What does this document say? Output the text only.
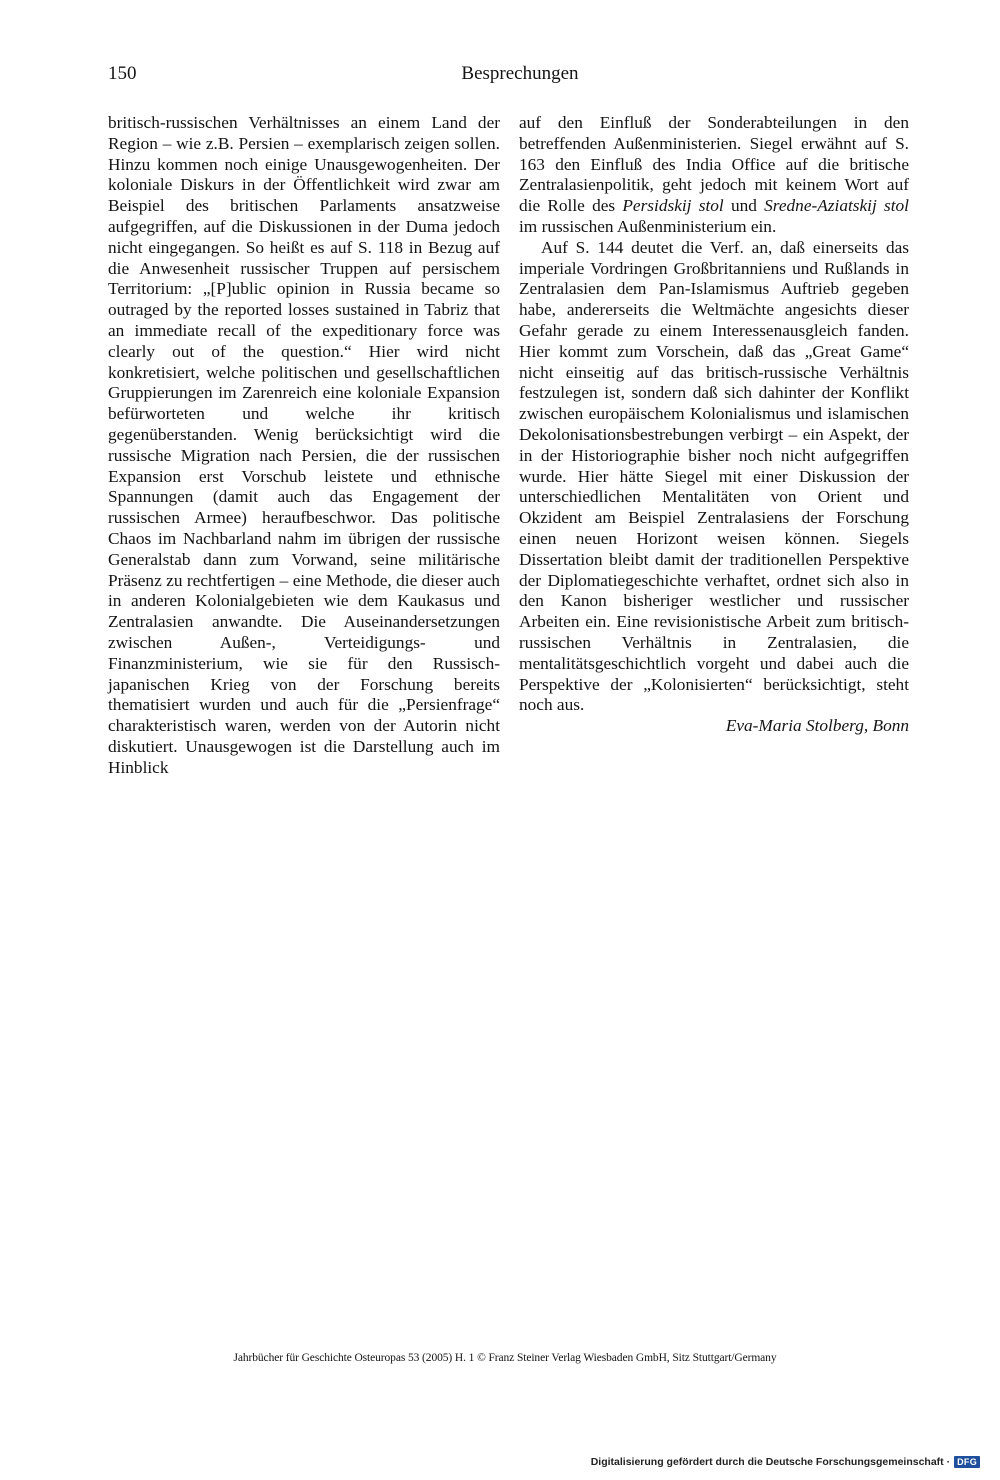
150	Besprechungen

britisch-russischen Verhältnisses an einem Land der Region – wie z.B. Persien – exemplarisch zeigen sollen. Hinzu kommen noch einige Unausgewogenheiten. Der koloniale Diskurs in der Öffentlichkeit wird zwar am Beispiel des britischen Parlaments ansatzweise aufgegriffen, auf die Diskussionen in der Duma jedoch nicht eingegangen. So heißt es auf S. 118 in Bezug auf die Anwesenheit russischer Truppen auf persischem Territorium: „[P]ublic opinion in Russia became so outraged by the reported losses sustained in Tabriz that an immediate recall of the expeditionary force was clearly out of the question.“ Hier wird nicht konkretisiert, welche politischen und gesellschaftlichen Gruppierungen im Zarenreich eine koloniale Expansion befürworteten und welche ihr kritisch gegenüberstanden. Wenig berücksichtigt wird die russische Migration nach Persien, die der russischen Expansion erst Vorschub leistete und ethnische Spannungen (damit auch das Engagement der russischen Armee) heraufbeschwor. Das politische Chaos im Nachbarland nahm im übrigen der russische Generalstab dann zum Vorwand, seine militärische Präsenz zu rechtfertigen – eine Methode, die dieser auch in anderen Kolonialgebieten wie dem Kaukasus und Zentralasien anwandte. Die Auseinandersetzungen zwischen Außen-, Verteidigungs- und Finanzministerium, wie sie für den Russisch-japanischen Krieg von der Forschung bereits thematisiert wurden und auch für die „Persienfrage“ charakteristisch waren, werden von der Autorin nicht diskutiert. Unausgewogen ist die Darstellung auch im Hinblick

auf den Einfluß der Sonderabteilungen in den betreffenden Außenministerien. Siegel erwähnt auf S. 163 den Einfluß des India Office auf die britische Zentralasienpolitik, geht jedoch mit keinem Wort auf die Rolle des Persidskij stol und Sredne-Aziatskij stol im russischen Außenministerium ein.

Auf S. 144 deutet die Verf. an, daß einerseits das imperiale Vordringen Großbritanniens und Rußlands in Zentralasien dem Pan-Islamismus Auftrieb gegeben habe, andererseits die Weltmächte angesichts dieser Gefahr gerade zu einem Interessenausgleich fanden. Hier kommt zum Vorschein, daß das „Great Game“ nicht einseitig auf das britisch-russische Verhältnis festzulegen ist, sondern daß sich dahinter der Konflikt zwischen europäischem Kolonialismus und islamischen Dekolonisationsbestrebungen verbirgt – ein Aspekt, der in der Historiographie bisher noch nicht aufgegriffen wurde. Hier hätte Siegel mit einer Diskussion der unterschiedlichen Mentalitäten von Orient und Okzident am Beispiel Zentralasiens der Forschung einen neuen Horizont weisen können. Siegels Dissertation bleibt damit der traditionellen Perspektive der Diplomatiegeschichte verhaftet, ordnet sich also in den Kanon bisheriger westlicher und russischer Arbeiten ein. Eine revisionistische Arbeit zum britisch-russischen Verhältnis in Zentralasien, die mentalitätsgeschichtlich vorgeht und dabei auch die Perspektive der „Kolonisierten“ berücksichtigt, steht noch aus.

Eva-Maria Stolberg, Bonn

Jahrbücher für Geschichte Osteuropas 53 (2005) H. 1 © Franz Steiner Verlag Wiesbaden GmbH, Sitz Stuttgart/Germany
Digitalisierung gefördert durch die Deutsche Forschungsgemeinschaft · DFG
